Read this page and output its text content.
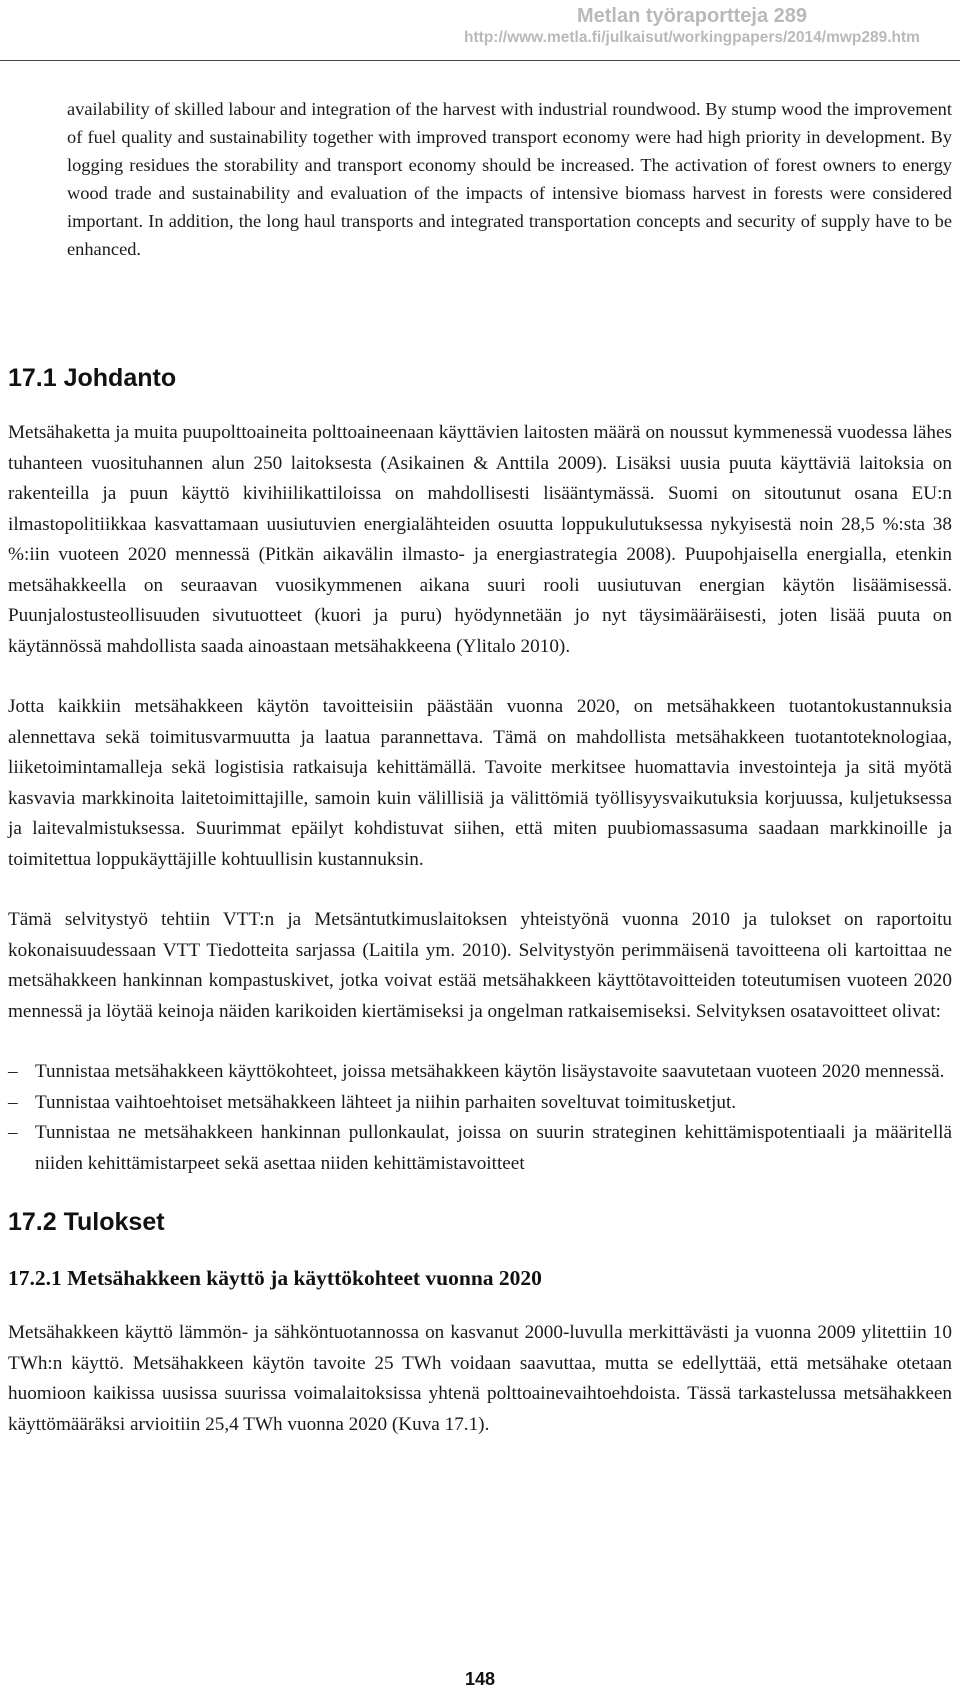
Metlan työraportteja 289
http://www.metla.fi/julkaisut/workingpapers/2014/mwp289.htm

availability of skilled labour and integration of the harvest with industrial roundwood. By stump wood the improvement of fuel quality and sustainability together with improved transport economy were had high priority in development. By logging residues the storability and transport economy should be increased. The activation of forest owners to energy wood trade and sustainability and evaluation of the impacts of intensive biomass harvest in forests were considered important. In addition, the long haul transports and integrated transportation concepts and security of supply have to be enhanced.

17.1 Johdanto

Metsähaketta ja muita puupolttoaineita polttoaineenaan käyttävien laitosten määrä on noussut kymmenessä vuodessa lähes tuhanteen vuosituhannen alun 250 laitoksesta (Asikainen & Anttila 2009). Lisäksi uusia puuta käyttäviä laitoksia on rakenteilla ja puun käyttö kivihiilikattiloissa on mahdollisesti lisääntymässä. Suomi on sitoutunut osana EU:n ilmastopolitiikkaa kasvattamaan uusiutuvien energialähteiden osuutta loppukulutuksessa nykyisestä noin 28,5 %:sta 38 %:iin vuoteen 2020 mennessä (Pitkän aikavälin ilmasto- ja energiastrategia 2008). Puupohjaisella energialla, etenkin metsähakkeella on seuraavan vuosikymmenen aikana suuri rooli uusiutuvan energian käytön lisäämisessä. Puunjalostusteollisuuden sivutuotteet (kuori ja puru) hyödynnetään jo nyt täysimääräisesti, joten lisää puuta on käytännössä mahdollista saada ainoastaan metsähakkeena (Ylitalo 2010).

Jotta kaikkiin metsähakkeen käytön tavoitteisiin päästään vuonna 2020, on metsähakkeen tuotantokustannuksia alennettava sekä toimitusvarmuutta ja laatua parannettava. Tämä on mahdollista metsähakkeen tuotantoteknologiaa, liiketoimintamalleja sekä logistisia ratkaisuja kehittämällä. Tavoite merkitsee huomattavia investointeja ja sitä myötä kasvavia markkinoita laitetoimittajille, samoin kuin välillisiä ja välittömiä työllisyysvaikutuksia korjuussa, kuljetuksessa ja laitevalmistuksessa. Suurimmat epäilyt kohdistuvat siihen, että miten puubiomassasuma saadaan markkinoille ja toimitettua loppukäyttäjille kohtuullisin kustannuksin.

Tämä selvitystyö tehtiin VTT:n ja Metsäntutkimuslaitoksen yhteistyönä vuonna 2010 ja tulokset on raportoitu kokonaisuudessaan VTT Tiedotteita sarjassa (Laitila ym. 2010). Selvitystyön perimmäisenä tavoitteena oli kartoittaa ne metsähakkeen hankinnan kompastuskivet, jotka voivat estää metsähakkeen käyttötavoitteiden toteutumisen vuoteen 2020 mennessä ja löytää keinoja näiden karikoiden kiertämiseksi ja ongelman ratkaisemiseksi. Selvityksen osatavoitteet olivat:

– Tunnistaa metsähakkeen käyttökohteet, joissa metsähakkeen käytön lisäystavoite saavutetaan vuoteen 2020 mennessä.
– Tunnistaa vaihtoehtoiset metsähakkeen lähteet ja niihin parhaiten soveltuvat toimitusketjut.
– Tunnistaa ne metsähakkeen hankinnan pullonkaulat, joissa on suurin strateginen kehittämispotentiaali ja määritellä niiden kehittämistarpeet sekä asettaa niiden kehittämistavoitteet
17.2 Tulokset
17.2.1 Metsähakkeen käyttö ja käyttökohteet vuonna 2020

Metsähakkeen käyttö lämmön- ja sähköntuotannossa on kasvanut 2000-luvulla merkittävästi ja vuonna 2009 ylitettiin 10 TWh:n käyttö. Metsähakkeen käytön tavoite 25 TWh voidaan saavuttaa, mutta se edellyttää, että metsähake otetaan huomioon kaikissa uusissa suurissa voimalaitoksissa yhtenä polttoainevaihtoehdoista. Tässä tarkastelussa metsähakkeen käyttömääräksi arvioitiin 25,4 TWh vuonna 2020 (Kuva 17.1).

148
